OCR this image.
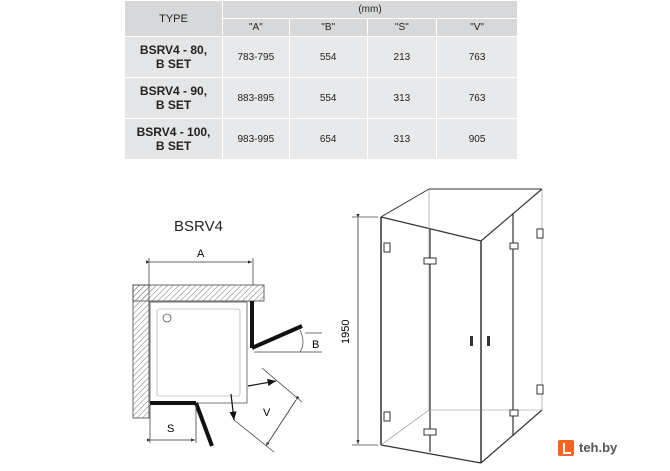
TYPE	(mm)			
	"A"	"B"	"S"	"V"
BSRV4 - 80,
B SET	783-795	554	213	763
BSRV4 - 90,
B SET	883-895	554	313	763
BSRV4 - 100,
B SET	983-995	654	313	905
BSRV4
A
B
V
S
1950
teh.by
